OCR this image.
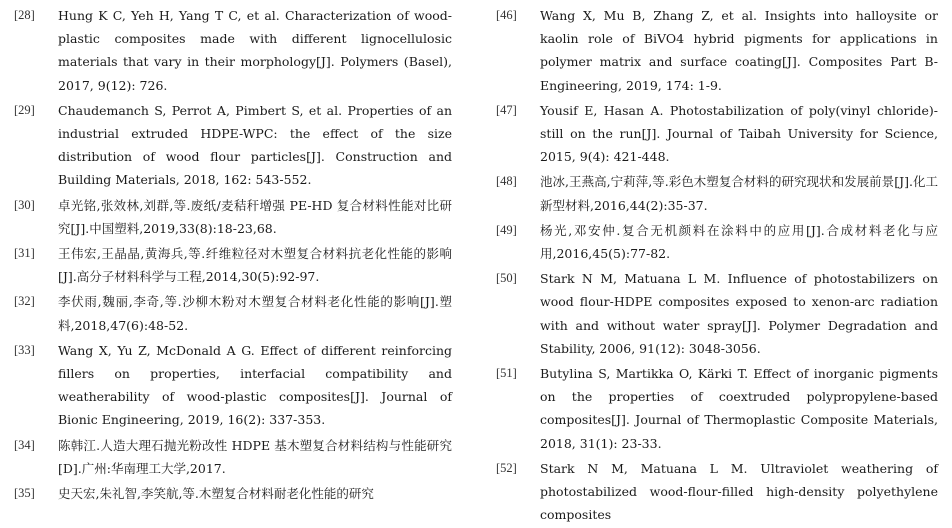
[28]	Hung K C, Yeh H, Yang T C, et al. Characterization of wood-plastic composites made with different lignocellulosic materials that vary in their morphology[J]. Polymers (Basel), 2017, 9(12): 726.
[29]	Chaudemanch S, Perrot A, Pimbert S, et al. Properties of an industrial extruded HDPE-WPC: the effect of the size distribution of wood flour particles[J]. Construction and Building Materials, 2018, 162: 543-552.
[30]	卓光铭,张效林,刘群,等.废纸/麦秸秆增强 PE-HD 复合材料性能对比研究[J].中国塑料,2019,33(8):18-23,68.
[31]	王伟宏,王晶晶,黄海兵,等.纤维粒径对木塑复合材料抗老化性能的影响[J].高分子材料科学与工程,2014,30(5):92-97.
[32]	李伏雨,魏丽,李奇,等.沙柳木粉对木塑复合材料老化性能的影响[J].塑料,2018,47(6):48-52.
[33]	Wang X, Yu Z, McDonald A G. Effect of different reinforcing fillers on properties, interfacial compatibility and weatherability of wood-plastic composites[J]. Journal of Bionic Engineering, 2019, 16(2): 337-353.
[34]	陈韩江.人造大理石抛光粉改性 HDPE 基木塑复合材料结构与性能研究[D].广州:华南理工大学,2017.
[35]	史天宏,朱礼智,李笑航,等.木塑复合材料耐老化性能的研究
[46]	Wang X, Mu B, Zhang Z, et al. Insights into halloysite or kaolin role of BiVO4 hybrid pigments for applications in polymer matrix and surface coating[J]. Composites Part B-Engineering, 2019, 174: 1-9.
[47]	Yousif E, Hasan A. Photostabilization of poly(vinyl chloride)-still on the run[J]. Journal of Taibah University for Science, 2015, 9(4): 421-448.
[48]	池冰,王燕高,宁莉萍,等.彩色木塑复合材料的研究现状和发展前景[J].化工新型材料,2016,44(2):35-37.
[49]	杨光,邓安仲.复合无机颜料在涂料中的应用[J].合成材料老化与应用,2016,45(5):77-82.
[50]	Stark N M, Matuana L M. Influence of photostabilizers on wood flour-HDPE composites exposed to xenon-arc radiation with and without water spray[J]. Polymer Degradation and Stability, 2006, 91(12): 3048-3056.
[51]	Butylina S, Martikka O, Kärki T. Effect of inorganic pigments on the properties of coextruded polypropylene-based composites[J]. Journal of Thermoplastic Composite Materials, 2018, 31(1): 23-33.
[52]	Stark N M, Matuana L M. Ultraviolet weathering of photostabilized wood-flour-filled high-density polyethylene composites
